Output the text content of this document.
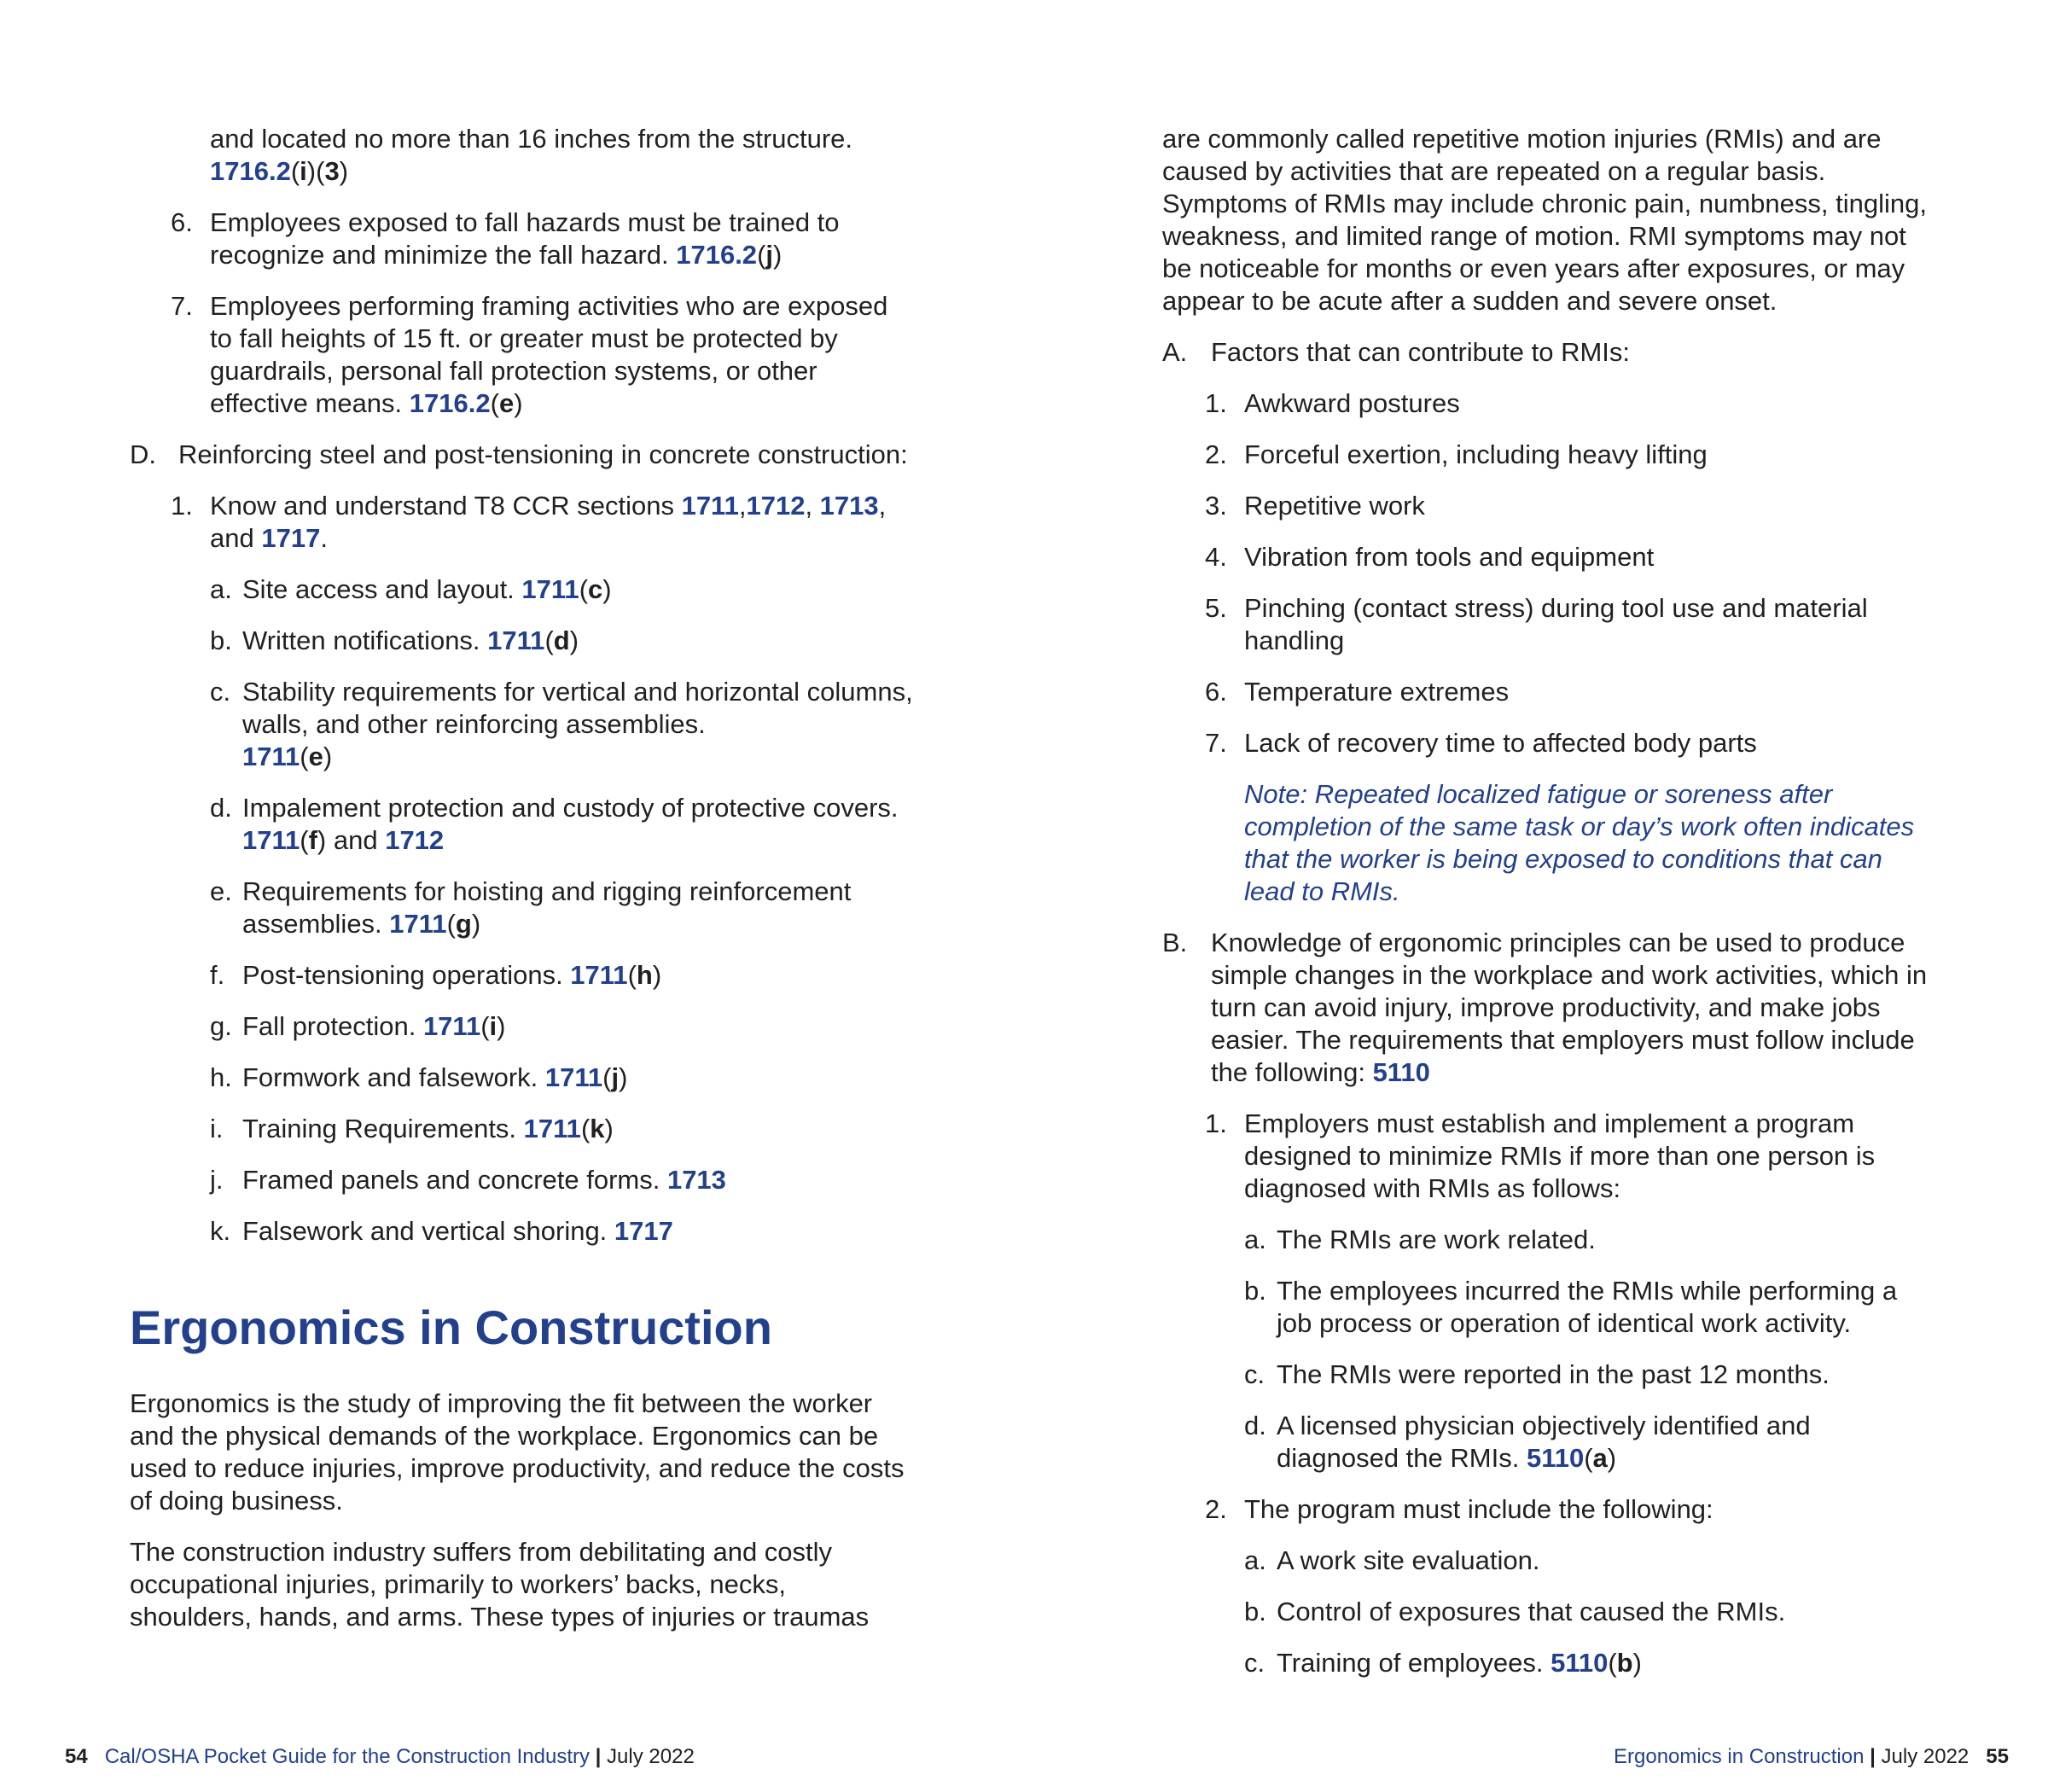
and located no more than 16 inches from the structure.
1716.2(i)(3)
6. Employees exposed to fall hazards must be trained to recognize and minimize the fall hazard. 1716.2(j)
7. Employees performing framing activities who are exposed to fall heights of 15 ft. or greater must be protected by guardrails, personal fall protection systems, or other effective means. 1716.2(e)
D. Reinforcing steel and post-tensioning in concrete construction:
1. Know and understand T8 CCR sections 1711,1712, 1713,
and 1717.
a. Site access and layout. 1711(c)
b. Written notifications. 1711(d)
c. Stability requirements for vertical and horizontal columns, walls, and other reinforcing assemblies.
1711(e)
d. Impalement protection and custody of protective covers.
1711(f) and 1712
e. Requirements for hoisting and rigging reinforcement assemblies. 1711(g)
f. Post-tensioning operations. 1711(h)
g. Fall protection. 1711(i)
h. Formwork and falsework. 1711(j)
i. Training Requirements. 1711(k)
j. Framed panels and concrete forms. 1713
k. Falsework and vertical shoring. 1717
Ergonomics in Construction

Ergonomics is the study of improving the fit between the worker and the physical demands of the workplace. Ergonomics can be used to reduce injuries, improve productivity, and reduce the costs of doing business.

The construction industry suffers from debilitating and costly occupational injuries, primarily to workers’ backs, necks, shoulders, hands, and arms. These types of injuries or traumas

54 Cal/OSHA Pocket Guide for the Construction Industry | July 2022

are commonly called repetitive motion injuries (RMIs) and are caused by activities that are repeated on a regular basis. Symptoms of RMIs may include chronic pain, numbness, tingling, weakness, and limited range of motion. RMI symptoms may not be noticeable for months or even years after exposures, or may appear to be acute after a sudden and severe onset.

A. Factors that can contribute to RMIs:
1. Awkward postures
2. Forceful exertion, including heavy lifting
3. Repetitive work
4. Vibration from tools and equipment
5. Pinching (contact stress) during tool use and material handling
6. Temperature extremes
7. Lack of recovery time to affected body parts
Note: Repeated localized fatigue or soreness after completion of the same task or day’s work often indicates that the worker is being exposed to conditions that can lead to RMIs.
B. Knowledge of ergonomic principles can be used to produce simple changes in the workplace and work activities, which in turn can avoid injury, improve productivity, and make jobs easier. The requirements that employers must follow include the following: 5110
1. Employers must establish and implement a program designed to minimize RMIs if more than one person is diagnosed with RMIs as follows:
a. The RMIs are work related.
b. The employees incurred the RMIs while performing a job process or operation of identical work activity.
c. The RMIs were reported in the past 12 months.
d. A licensed physician objectively identified and diagnosed the RMIs. 5110(a)
2. The program must include the following:
a. A work site evaluation.
b. Control of exposures that caused the RMIs.
c. Training of employees. 5110(b)
Ergonomics in Construction | July 2022 55
